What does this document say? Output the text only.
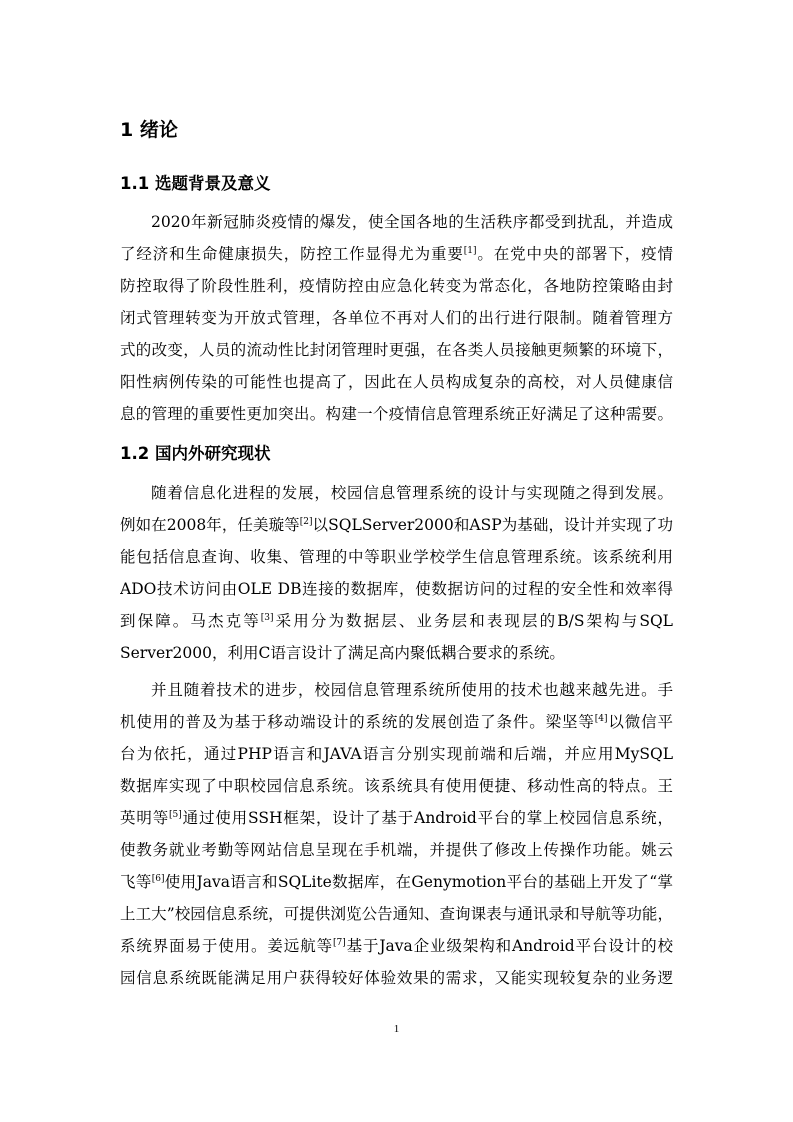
1 绪论
1.1 选题背景及意义
2020年新冠肺炎疫情的爆发，使全国各地的生活秩序都受到扰乱，并造成
了经济和生命健康损失，防控工作显得尤为重要[1]。在党中央的部署下，疫情
防控取得了阶段性胜利，疫情防控由应急化转变为常态化，各地防控策略由封
闭式管理转变为开放式管理，各单位不再对人们的出行进行限制。随着管理方
式的改变，人员的流动性比封闭管理时更强，在各类人员接触更频繁的环境下，
阳性病例传染的可能性也提高了，因此在人员构成复杂的高校，对人员健康信
息的管理的重要性更加突出。构建一个疫情信息管理系统正好满足了这种需要。
1.2 国内外研究现状
随着信息化进程的发展，校园信息管理系统的设计与实现随之得到发展。
例如在2008年，任美璇等[2]以SQLServer2000和ASP为基础，设计并实现了功
能包括信息查询、收集、管理的中等职业学校学生信息管理系统。该系统利用
ADO技术访问由OLE DB连接的数据库，使数据访问的过程的安全性和效率得
到保障。马杰克等[3]采用分为数据层、业务层和表现层的B/S架构与SQL
Server2000，利用C语言设计了满足高内聚低耦合要求的系统。
并且随着技术的进步，校园信息管理系统所使用的技术也越来越先进。手
机使用的普及为基于移动端设计的系统的发展创造了条件。梁坚等[4]以微信平
台为依托，通过PHP语言和JAVA语言分别实现前端和后端，并应用MySQL
数据库实现了中职校园信息系统。该系统具有使用便捷、移动性高的特点。王
英明等[5]通过使用SSH框架，设计了基于Android平台的掌上校园信息系统，
使教务就业考勤等网站信息呈现在手机端，并提供了修改上传操作功能。姚云
飞等[6]使用Java语言和SQLite数据库，在Genymotion平台的基础上开发了“掌
上工大”校园信息系统，可提供浏览公告通知、查询课表与通讯录和导航等功能，
系统界面易于使用。姜远航等[7]基于Java企业级架构和Android平台设计的校
园信息系统既能满足用户获得较好体验效果的需求，又能实现较复杂的业务逻
1
